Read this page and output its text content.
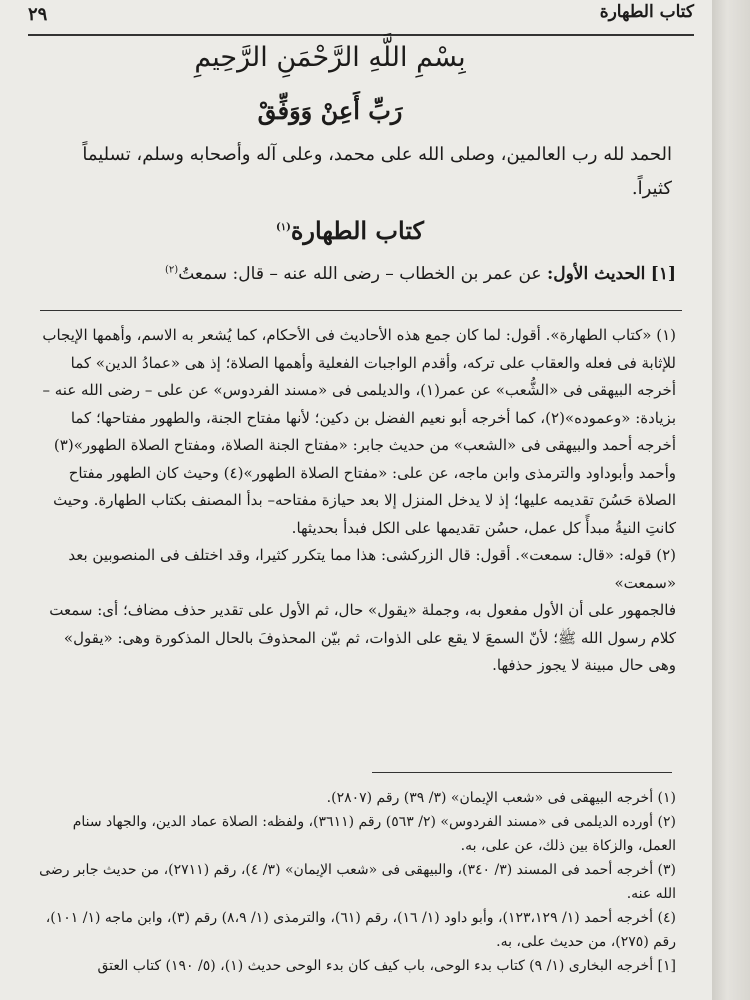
كتاب الطهارة
٢٩
بِسْمِ اللَّهِ الرَّحْمَنِ الرَّحِيمِ
رَبِّ أَعِنْ وَوَفِّقْ
الحمد لله رب العالمين، وصلى الله على محمد، وعلى آله وأصحابه وسلم، تسليماً كثيراً.
كتاب الطهارة$^{(١)}$
[١] الحديث الأول: عن عمر بن الخطاب – رضى الله عنه – قال: سمعتُ$^{(٢)}$

(١) «كتاب الطهارة». أقول: لما كان جمع هذه الأحاديث فى الأحكام، كما يُشعر به الاسم، وأهمها الإيجاب للإثابة فى فعله والعقاب على تركه، وأقدم الواجبات الفعلية وأهمها الصلاة؛ إذ هى «عمادُ الدين» كما أخرجه البيهقى فى «الشُّعب» عن عمر(١)، والديلمى فى «مسند الفردوس» عن على – رضى الله عنه – بزيادة: «وعموده»(٢)، كما أخرجه أبو نعيم الفضل بن دكين؛ لأنها مفتاح الجنة، والطهور مفتاحها؛ كما أخرجه أحمد والبيهقى فى «الشعب» من حديث جابر: «مفتاح الجنة الصلاة، ومفتاح الصلاة الطهور»(٣) وأحمد وأبوداود والترمذى وابن ماجه، عن على: «مفتاح الصلاة الطهور»(٤) وحيث كان الطهور مفتاح الصلاة حَسُنَ تقديمه عليها؛ إذ لا يدخل المنزل إلا بعد حيازة مفتاحه– بدأ المصنف بكتاب الطهارة. وحيث كانتِ النيةُ مبدأً كل عمل، حسُن تقديمها على الكل فبدأ بحديثها.

(٢) قوله: «قال: سمعت». أقول: قال الزركشى: هذا مما يتكرر كثيرا، وقد اختلف فى المنصوبين بعد «سمعت»

فالجمهور على أن الأول مفعول به، وجملة «يقول» حال، ثم الأول على تقدير حذف مضاف؛ أى: سمعت كلام رسول الله ﷺ؛ لأنّ السمعَ لا يقع على الذوات، ثم بيّن المحذوفَ بالحال المذكورة وهى: «يقول» وهى حال مبينة لا يجوز حذفها.

(١) أخرجه البيهقى فى «شعب الإيمان» (٣/ ٣٩) رقم (٢٨٠٧).
(٢) أورده الديلمى فى «مسند الفردوس» (٢/ ٥٦٣) رقم (٣٦١١)، ولفظه: الصلاة عماد الدين، والجهاد سنام العمل، والزكاة بين ذلك، عن على، به.
(٣) أخرجه أحمد فى المسند (٣/ ٣٤٠)، والبيهقى فى «شعب الإيمان» (٣/ ٤)، رقم (٢٧١١)، من حديث جابر رضى الله عنه.
(٤) أخرجه أحمد (١/ ١٢٣،١٢٩)، وأبو داود (١/ ١٦)، رقم (٦١)، والترمذى (١/ ٨،٩) رقم (٣)، وابن ماجه (١/ ١٠١)، رقم (٢٧٥)، من حديث على، به.
[١] أخرجه البخارى (١/ ٩) كتاب بدء الوحى، باب كيف كان بدء الوحى حديث (١)، (٥/ ١٩٠) كتاب العتق
